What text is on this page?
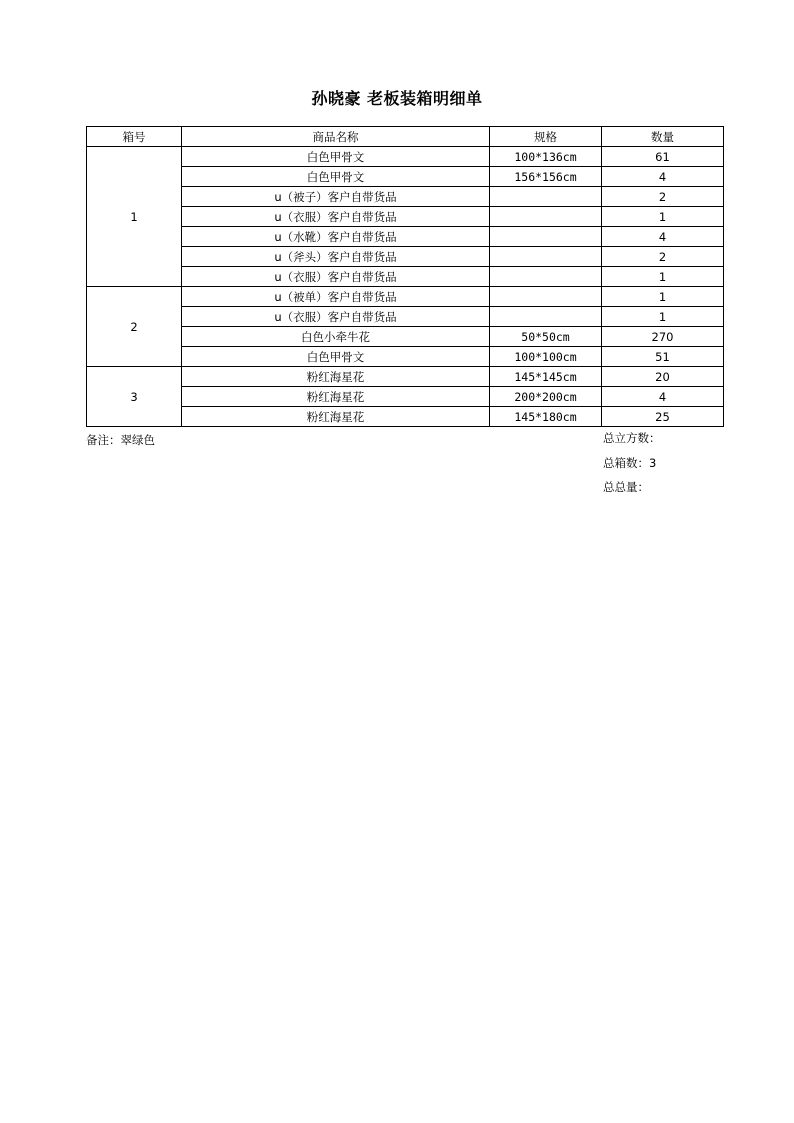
孙晓豪 老板装箱明细单
箱号	商品名称	规格	数量
1	白色甲骨文	100*136cm	61
	白色甲骨文	156*156cm	4
	u（被子）客户自带货品		2
	u（衣服）客户自带货品		1
	u（水靴）客户自带货品		4
	u（斧头）客户自带货品		2
	u（衣服）客户自带货品		1
2	u（被单）客户自带货品		1
	u（衣服）客户自带货品		1
	白色小牵牛花	50*50cm	270
	白色甲骨文	100*100cm	51
3	粉红海星花	145*145cm	20
	粉红海星花	200*200cm	4
	粉红海星花	145*180cm	25
备注：翠绿色	总立方数：
总箱数：3
总总量：
